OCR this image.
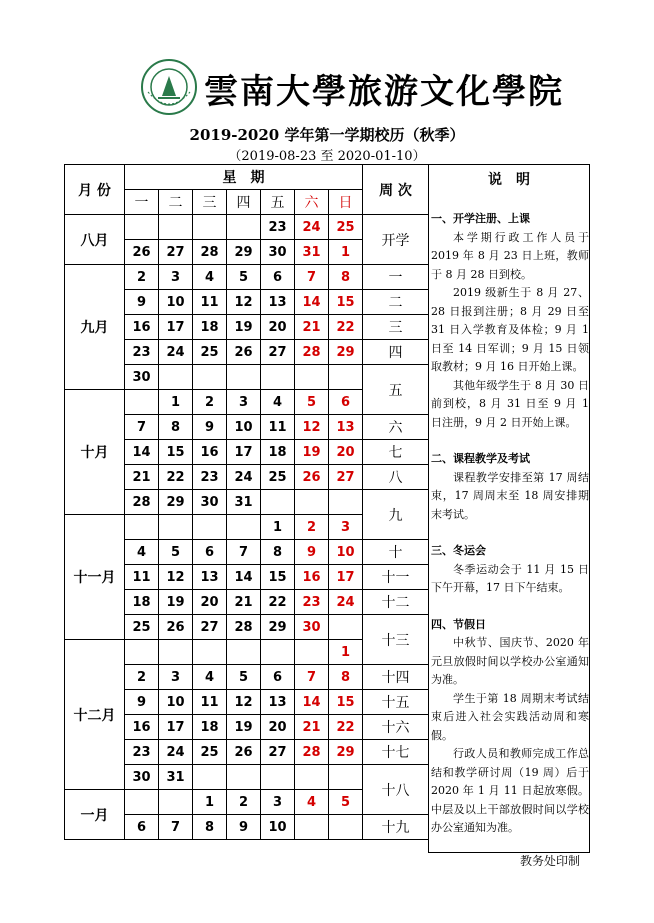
雲南大學旅游文化學院
2019-2020 学年第一学期校历（秋季）
（2019-08-23 至 2020-01-10）
月 份	星　期							周 次
	一	二	三	四	五	六	日	
八月					23	24	25	开学
	26	27	28	29	30	31	1	
九月	2	3	4	5	6	7	8	一
	9	10	11	12	13	14	15	二
	16	17	18	19	20	21	22	三
	23	24	25	26	27	28	29	四
	30							五
十月		1	2	3	4	5	6	
	7	8	9	10	11	12	13	六
	14	15	16	17	18	19	20	七
	21	22	23	24	25	26	27	八
	28	29	30	31				九
十一月					1	2	3	
	4	5	6	7	8	9	10	十
	11	12	13	14	15	16	17	十一
	18	19	20	21	22	23	24	十二
	25	26	27	28	29	30		十三
十二月							1	
	2	3	4	5	6	7	8	十四
	9	10	11	12	13	14	15	十五
	16	17	18	19	20	21	22	十六
	23	24	25	26	27	28	29	十七
	30	31						十八
一月			1	2	3	4	5	
	6	7	8	9	10			十九
说　明
一、开学注册、上课
本学期行政工作人员于 2019 年 8 月 23 日上班，教师于 8 月 28 日到校。
2019 级新生于 8 月 27、28 日报到注册；8 月 29 日至 31 日入学教育及体检；9 月 1 日至 14 日军训；9 月 15 日领取教材；9 月 16 日开始上课。
其他年级学生于 8 月 30 日前到校，8 月 31 日至 9 月 1 日注册，9 月 2 日开始上课。
二、课程教学及考试
课程教学安排至第 17 周结束，17 周周末至 18 周安排期末考试。
三、冬运会
冬季运动会于 11 月 15 日下午开幕，17 日下午结束。
四、节假日
中秋节、国庆节、2020 年元旦放假时间以学校办公室通知为准。
学生于第 18 周期末考试结束后进入社会实践活动周和寒假。
行政人员和教师完成工作总结和教学研讨周（19 周）后于 2020 年 1 月 11 日起放寒假。中层及以上干部放假时间以学校办公室通知为准。
教务处印制
